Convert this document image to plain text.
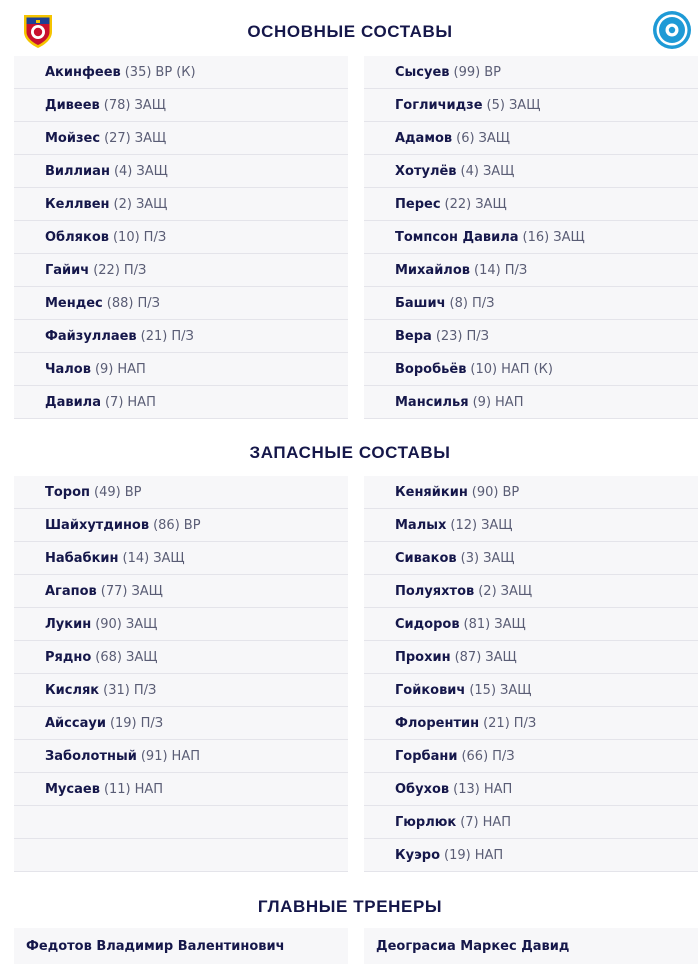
ОСНОВНЫЕ СОСТАВЫ
ЗАПАСНЫЕ СОСТАВЫ
ГЛАВНЫЕ ТРЕНЕРЫ
Акинфеев (35) ВР (К)
Дивеев (78) ЗАЩ
Мойзес (27) ЗАЩ
Виллиан (4) ЗАЩ
Келлвен (2) ЗАЩ
Обляков (10) П/З
Гайич (22) П/З
Мендес (88) П/З
Файзуллаев (21) П/З
Чалов (9) НАП
Давила (7) НАП
Сысуев (99) ВР
Гогличидзе (5) ЗАЩ
Адамов (6) ЗАЩ
Хотулёв (4) ЗАЩ
Перес (22) ЗАЩ
Томпсон Давила (16) ЗАЩ
Михайлов (14) П/З
Башич (8) П/З
Вера (23) П/З
Воробьёв (10) НАП (К)
Мансилья (9) НАП
Тороп (49) ВР
Шайхутдинов (86) ВР
Набабкин (14) ЗАЩ
Агапов (77) ЗАЩ
Лукин (90) ЗАЩ
Рядно (68) ЗАЩ
Кисляк (31) П/З
Айссауи (19) П/З
Заболотный (91) НАП
Мусаев (11) НАП
Кеняйкин (90) ВР
Малых (12) ЗАЩ
Сиваков (3) ЗАЩ
Полуяхтов (2) ЗАЩ
Сидоров (81) ЗАЩ
Прохин (87) ЗАЩ
Гойкович (15) ЗАЩ
Флорентин (21) П/З
Горбани (66) П/З
Обухов (13) НАП
Гюрлюк (7) НАП
Куэро (19) НАП
Федотов Владимир Валентинович	Деограсиа Маркес Давид
